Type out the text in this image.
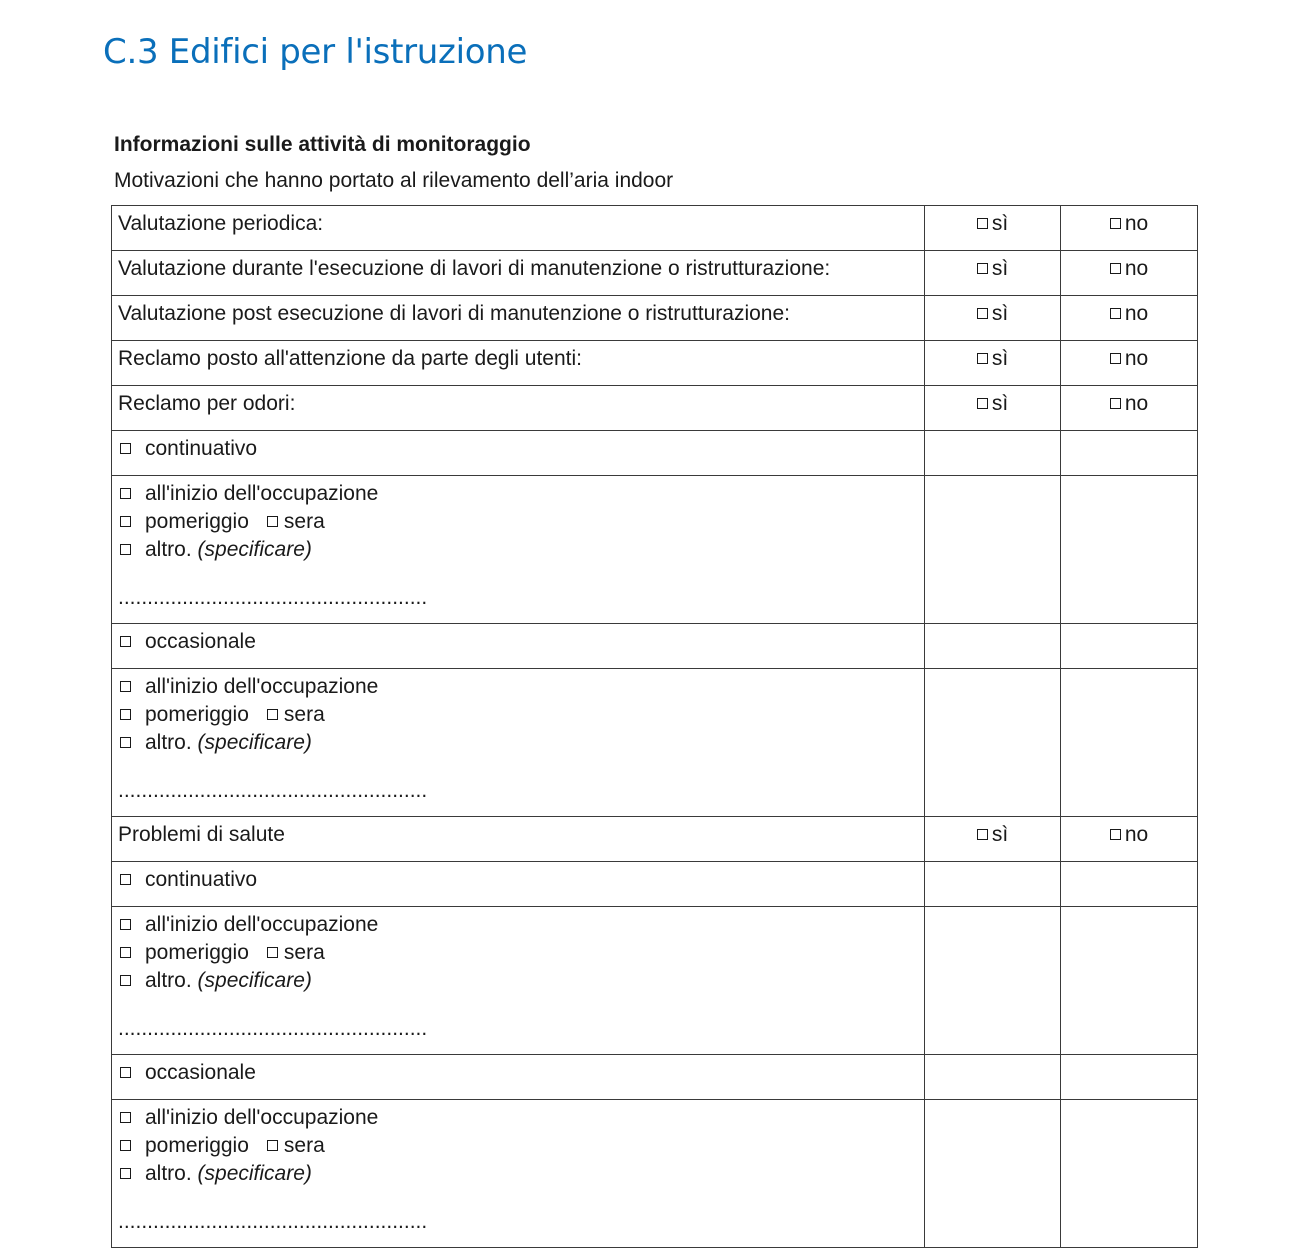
C.3 Edifici per l'istruzione
Informazioni sulle attività di monitoraggio
Motivazioni che hanno portato al rilevamento dell’aria indoor
Valutazione periodica:	sì	no
Valutazione durante l'esecuzione di lavori di manutenzione o ristrutturazione:	sì	no
Valutazione post esecuzione di lavori di manutenzione o ristrutturazione:	sì	no
Reclamo posto all'attenzione da parte degli utenti:	sì	no
Reclamo per odori:	sì	no
continuativo		

all'inizio dell'occupazione
pomeriggio sera
altro. (specificare)
.....................................................		

occasionale		

all'inizio dell'occupazione
pomeriggio sera
altro. (specificare)
.....................................................		

Problemi di salute	sì	no
continuativo		

all'inizio dell'occupazione
pomeriggio sera
altro. (specificare)
.....................................................		

occasionale		

all'inizio dell'occupazione
pomeriggio sera
altro. (specificare)
.....................................................		
